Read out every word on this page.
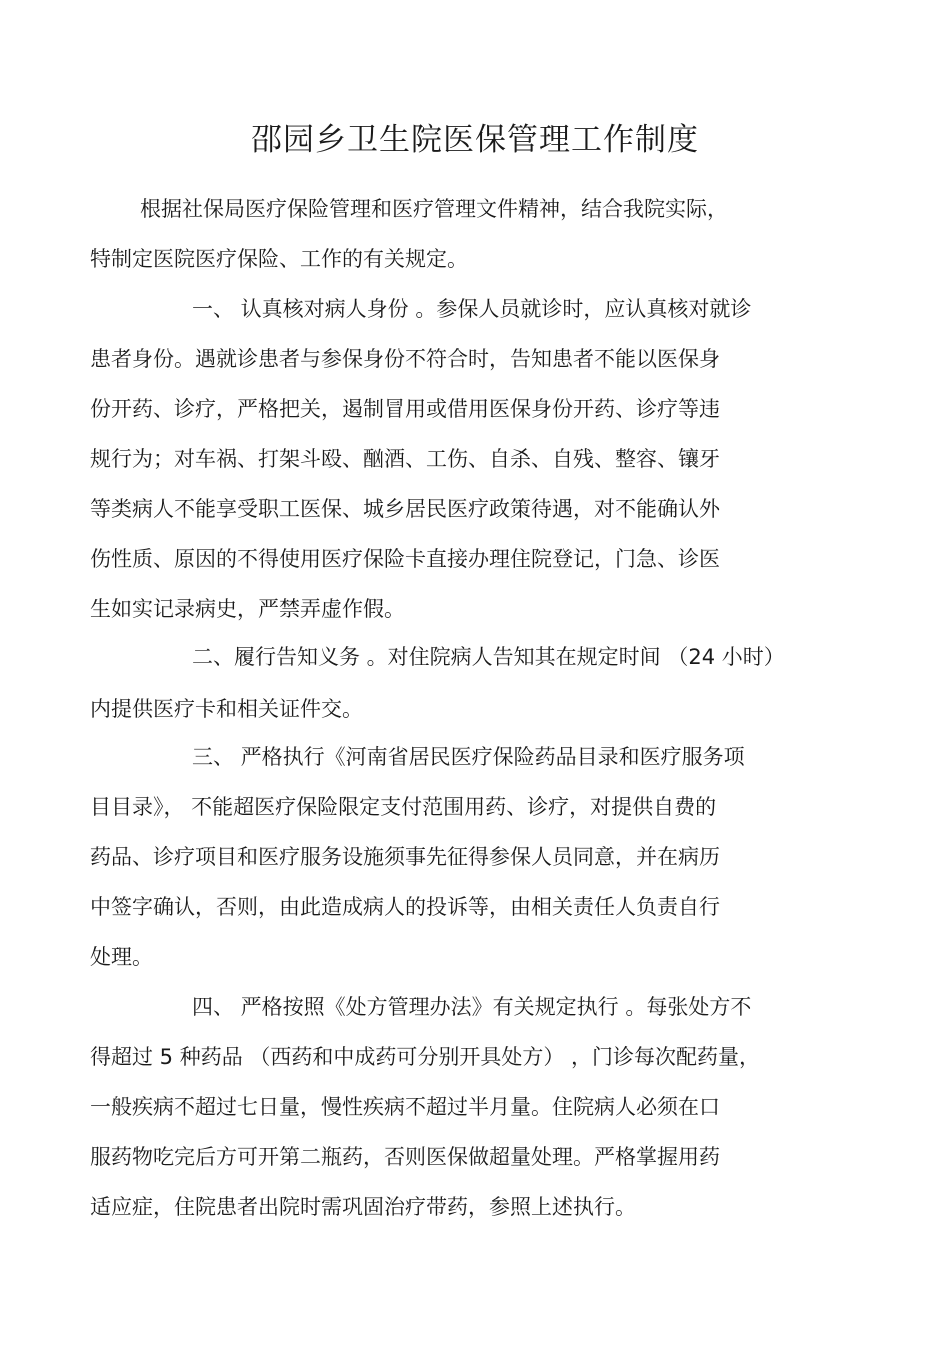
邵园乡卫生院医保管理工作制度
根据社保局医疗保险管理和医疗管理文件精神，结合我院实际，
特制定医院医疗保险、工作的有关规定。
一、 认真核对病人身份 。参保人员就诊时，应认真核对就诊
患者身份。遇就诊患者与参保身份不符合时，告知患者不能以医保身
份开药、诊疗，严格把关，遏制冒用或借用医保身份开药、诊疗等违
规行为；对车祸、打架斗殴、酗酒、工伤、自杀、自残、整容、镶牙
等类病人不能享受职工医保、城乡居民医疗政策待遇，对不能确认外
伤性质、原因的不得使用医疗保险卡直接办理住院登记，门急、诊医
生如实记录病史，严禁弄虚作假。
二、履行告知义务 。对住院病人告知其在规定时间 （24 小时）
内提供医疗卡和相关证件交。
三、 严格执行《河南省居民医疗保险药品目录和医疗服务项
目目录》， 不能超医疗保险限定支付范围用药、诊疗，对提供自费的
药品、诊疗项目和医疗服务设施须事先征得参保人员同意，并在病历
中签字确认，否则，由此造成病人的投诉等，由相关责任人负责自行
处理。
四、 严格按照《处方管理办法》有关规定执行 。每张处方不
得超过 5 种药品 （西药和中成药可分别开具处方） ，门诊每次配药量，
一般疾病不超过七日量，慢性疾病不超过半月量。住院病人必须在口
服药物吃完后方可开第二瓶药，否则医保做超量处理。严格掌握用药
适应症，住院患者出院时需巩固治疗带药，参照上述执行。
